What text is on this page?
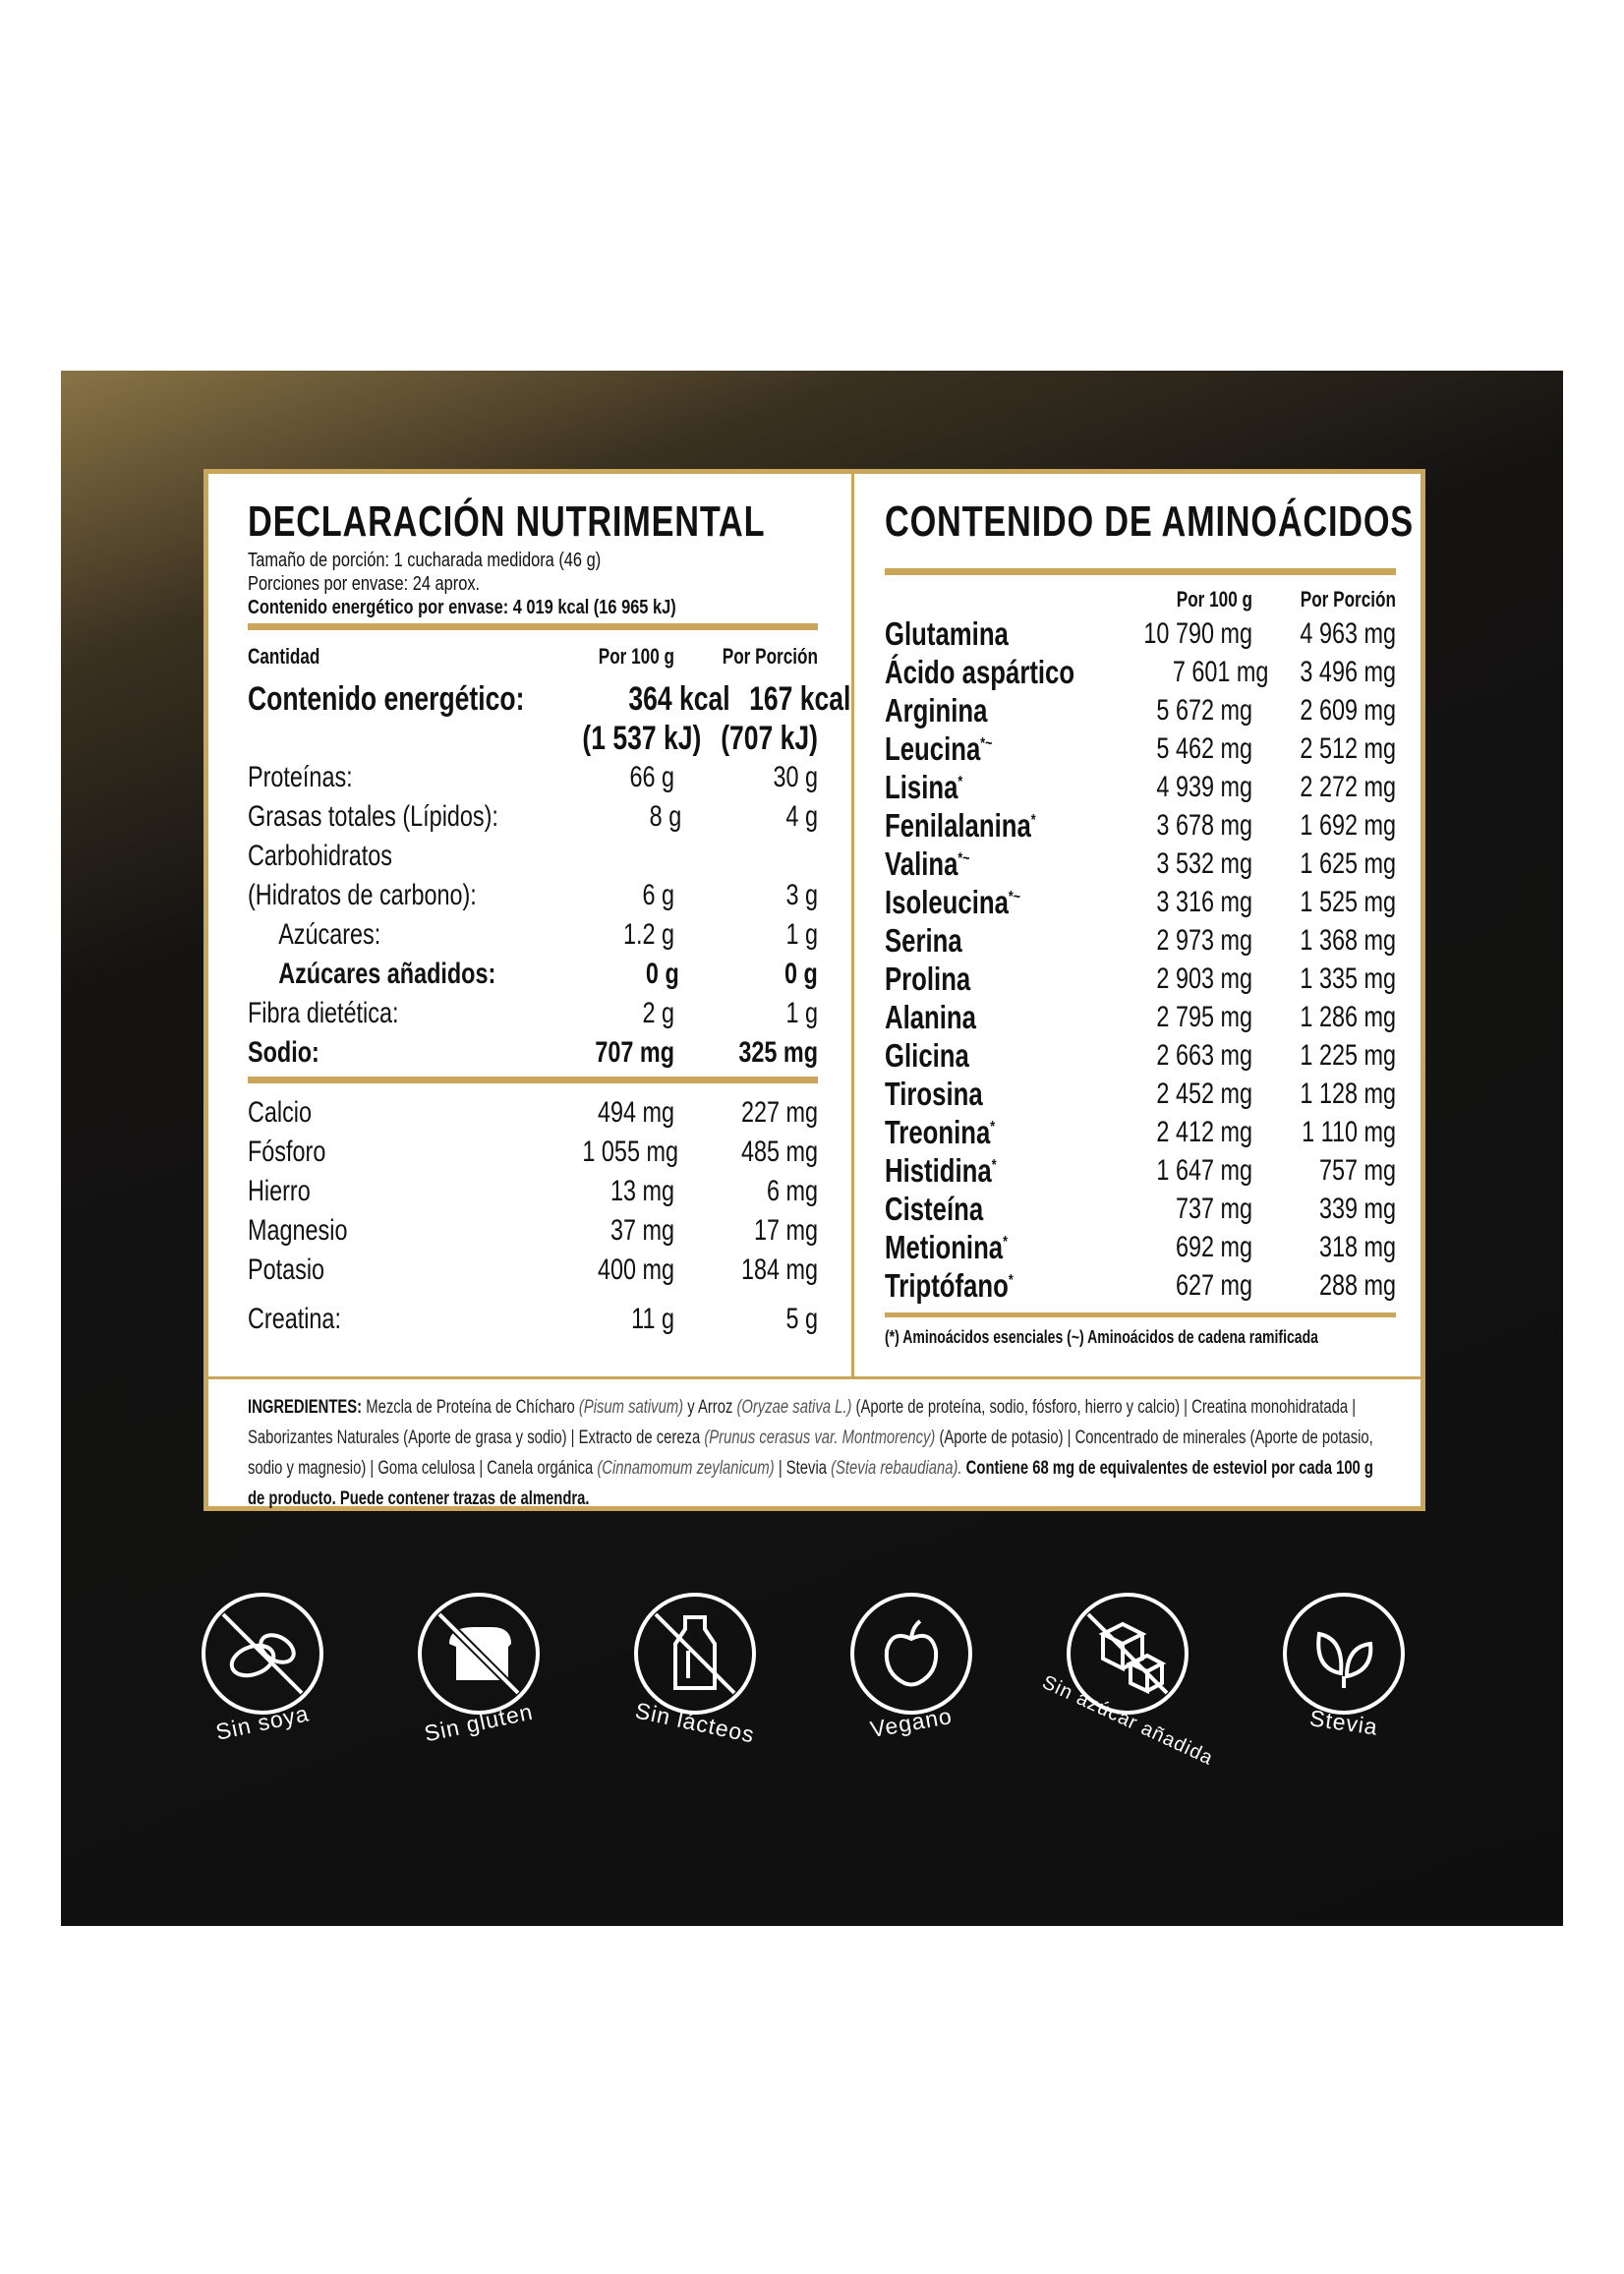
DECLARACIÓN NUTRIMENTAL
Tamaño de porción: 1 cucharada medidora (46 g)
Porciones por envase: 24 aprox.
Contenido energético por envase: 4 019 kcal (16 965 kJ)
Cantidad	Por 100 g	Por Porción
Contenido energético:	364 kcal 167 kcal
(1 537 kJ) (707 kJ)
Proteínas:	66 g	30 g
Grasas totales (Lípidos):	8 g	4 g
Carbohidratos
(Hidratos de carbono):	6 g	3 g
Azúcares:	1.2 g	1 g
Azúcares añadidos:	0 g	0 g
Fibra dietética:	2 g	1 g
Sodio:	707 mg	325 mg
Calcio	494 mg	227 mg
Fósforo	1 055 mg	485 mg
Hierro	13 mg	6 mg
Magnesio	37 mg	17 mg
Potasio	400 mg	184 mg
Creatina:	11 g	5 g
CONTENIDO DE AMINOÁCIDOS
Por 100 g	Por Porción
Glutamina	10 790 mg	4 963 mg
Ácido aspártico	7 601 mg 3 496 mg
Arginina	5 672 mg	2 609 mg
Leucina*~	5 462 mg	2 512 mg
Lisina*	4 939 mg	2 272 mg
Fenilalanina*	3 678 mg	1 692 mg
Valina*~	3 532 mg	1 625 mg
Isoleucina*~	3 316 mg	1 525 mg
Serina	2 973 mg	1 368 mg
Prolina	2 903 mg	1 335 mg
Alanina	2 795 mg	1 286 mg
Glicina	2 663 mg	1 225 mg
Tirosina	2 452 mg	1 128 mg
Treonina*	2 412 mg	1 110 mg
Histidina*	1 647 mg	757 mg
Cisteína	737 mg	339 mg
Metionina*	692 mg	318 mg
Triptófano*	627 mg	288 mg
(*) Aminoácidos esenciales (~) Aminoácidos de cadena ramificada
INGREDIENTES: Mezcla de Proteína de Chícharo (Pisum sativum) y Arroz (Oryzae sativa L.) (Aporte de proteína, sodio, fósforo, hierro y calcio) | Creatina monohidratada | Saborizantes Naturales (Aporte de grasa y sodio) | Extracto de cereza (Prunus cerasus var. Montmorency) (Aporte de potasio) | Concentrado de minerales (Aporte de potasio, sodio y magnesio) | Goma celulosa | Canela orgánica (Cinnamomum zeylanicum) | Stevia (Stevia rebaudiana). Contiene 68 mg de equivalentes de esteviol por cada 100 g de producto. Puede contener trazas de almendra.
Sin soya	Sin gluten	Sin lácteos	Vegano	Sin azúcar añadida	Stevia
